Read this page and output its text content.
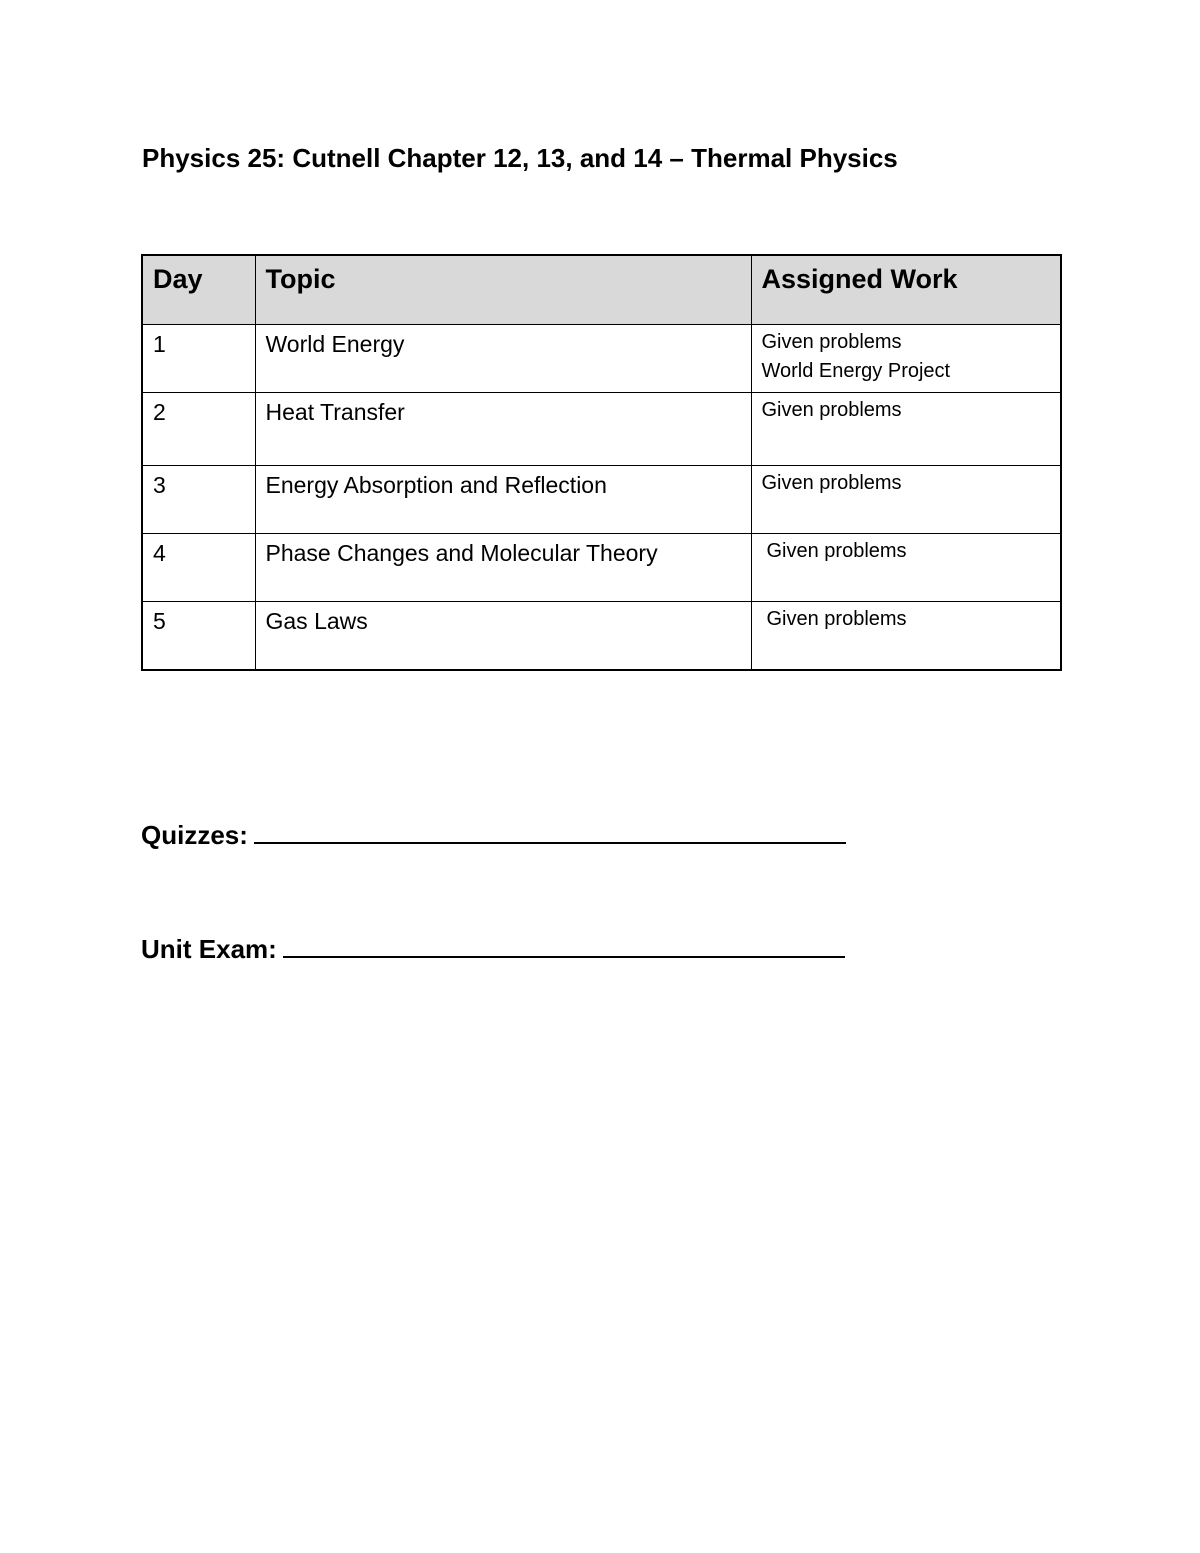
Physics 25: Cutnell Chapter 12, 13, and 14 – Thermal Physics
Day	Topic	Assigned Work
1	World Energy	Given problems
World Energy Project

2	Heat Transfer	Given problems

3	Energy Absorption and Reflection	Given problems

4	Phase Changes and Molecular Theory	Given problems

5	Gas Laws	Given problems
Quizzes:
Unit Exam:
